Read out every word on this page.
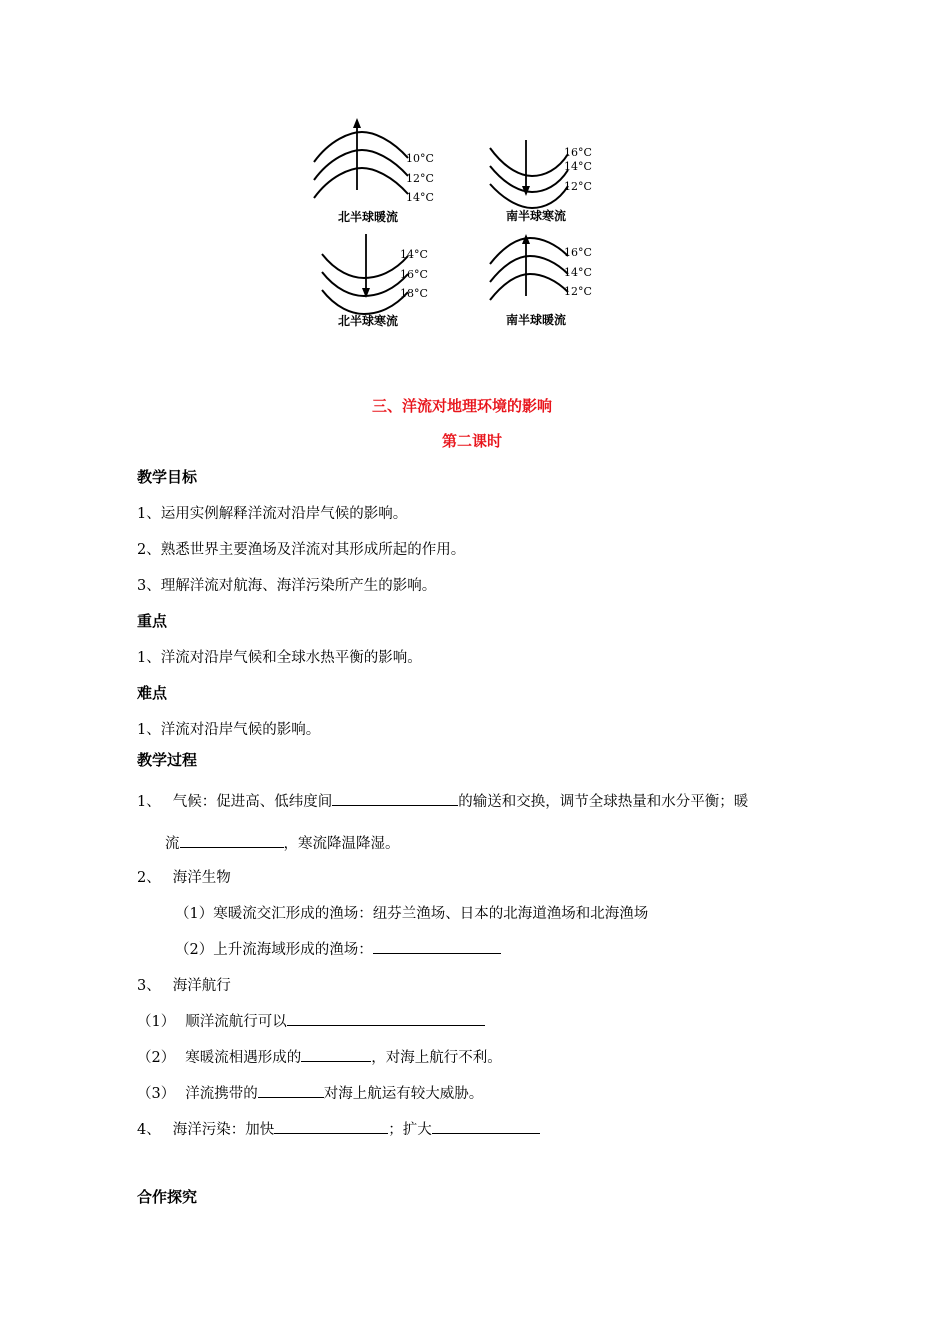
10°C
12°C
14°C
北半球暖流
16°C
14°C
12°C
南半球寒流
14°C
16°C
18°C
北半球寒流
16°C
14°C
12°C
南半球暖流
三、洋流对地理环境的影响
第二课时
教学目标
1、运用实例解释洋流对沿岸气候的影响。
2、熟悉世界主要渔场及洋流对其形成所起的作用。
3、理解洋流对航海、海洋污染所产生的影响。
重点
1、洋流对沿岸气候和全球水热平衡的影响。
难点
1、洋流对沿岸气候的影响。
教学过程
1、 气候：促进高、低纬度间	的输送和交换，调节全球热量和水分平衡；暖
流	，寒流降温降湿。
2、 海洋生物
（1）寒暖流交汇形成的渔场：纽芬兰渔场、日本的北海道渔场和北海渔场
（2）上升流海域形成的渔场：
3、 海洋航行
（1） 顺洋流航行可以
（2） 寒暖流相遇形成的	，对海上航行不利。
（3） 洋流携带的	对海上航运有较大威胁。
4、 海洋污染：加快	；扩大
合作探究
